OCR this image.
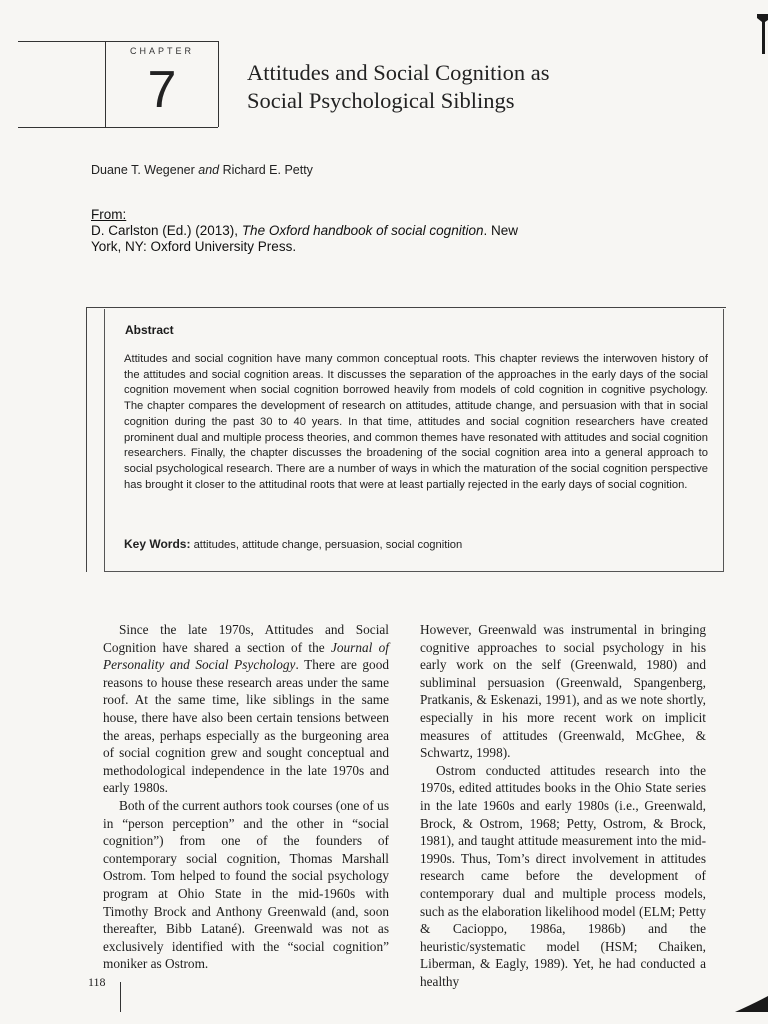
CHAPTER
7	Attitudes and Social Cognition as
Social Psychological Siblings
Duane T. Wegener and Richard E. Petty
From:
D. Carlston (Ed.) (2013), The Oxford handbook of social cognition. New York, NY: Oxford University Press.
Abstract
Attitudes and social cognition have many common conceptual roots. This chapter reviews the interwoven history of the attitudes and social cognition areas. It discusses the separation of the approaches in the early days of the social cognition movement when social cognition borrowed heavily from models of cold cognition in cognitive psychology. The chapter compares the development of research on attitudes, attitude change, and persuasion with that in social cognition during the past 30 to 40 years. In that time, attitudes and social cognition researchers have created prominent dual and multiple process theories, and common themes have resonated with attitudes and social cognition researchers. Finally, the chapter discusses the broadening of the social cognition area into a general approach to social psychological research. There are a number of ways in which the maturation of the social cognition perspective has brought it closer to the attitudinal roots that were at least partially rejected in the early days of social cognition.
Key Words: attitudes, attitude change, persuasion, social cognition

Since the late 1970s, Attitudes and Social Cognition have shared a section of the Journal of Personality and Social Psychology. There are good reasons to house these research areas under the same roof. At the same time, like siblings in the same house, there have also been certain tensions between the areas, perhaps especially as the burgeoning area of social cognition grew and sought conceptual and methodological independence in the late 1970s and early 1980s.

Both of the current authors took courses (one of us in “person perception” and the other in “social cognition”) from one of the founders of contemporary social cognition, Thomas Marshall Ostrom. Tom helped to found the social psychology program at Ohio State in the mid-1960s with Timothy Brock and Anthony Greenwald (and, soon thereafter, Bibb Latané). Greenwald was not as exclusively identified with the “social cognition” moniker as Ostrom.

However, Greenwald was instrumental in bringing cognitive approaches to social psychology in his early work on the self (Greenwald, 1980) and subliminal persuasion (Greenwald, Spangenberg, Pratkanis, & Eskenazi, 1991), and as we note shortly, especially in his more recent work on implicit measures of attitudes (Greenwald, McGhee, & Schwartz, 1998).

Ostrom conducted attitudes research into the 1970s, edited attitudes books in the Ohio State series in the late 1960s and early 1980s (i.e., Greenwald, Brock, & Ostrom, 1968; Petty, Ostrom, & Brock, 1981), and taught attitude measurement into the mid-1990s. Thus, Tom’s direct involvement in attitudes research came before the development of contemporary dual and multiple process models, such as the elaboration likelihood model (ELM; Petty & Cacioppo, 1986a, 1986b) and the heuristic/systematic model (HSM; Chaiken, Liberman, & Eagly, 1989). Yet, he had conducted a healthy

118
